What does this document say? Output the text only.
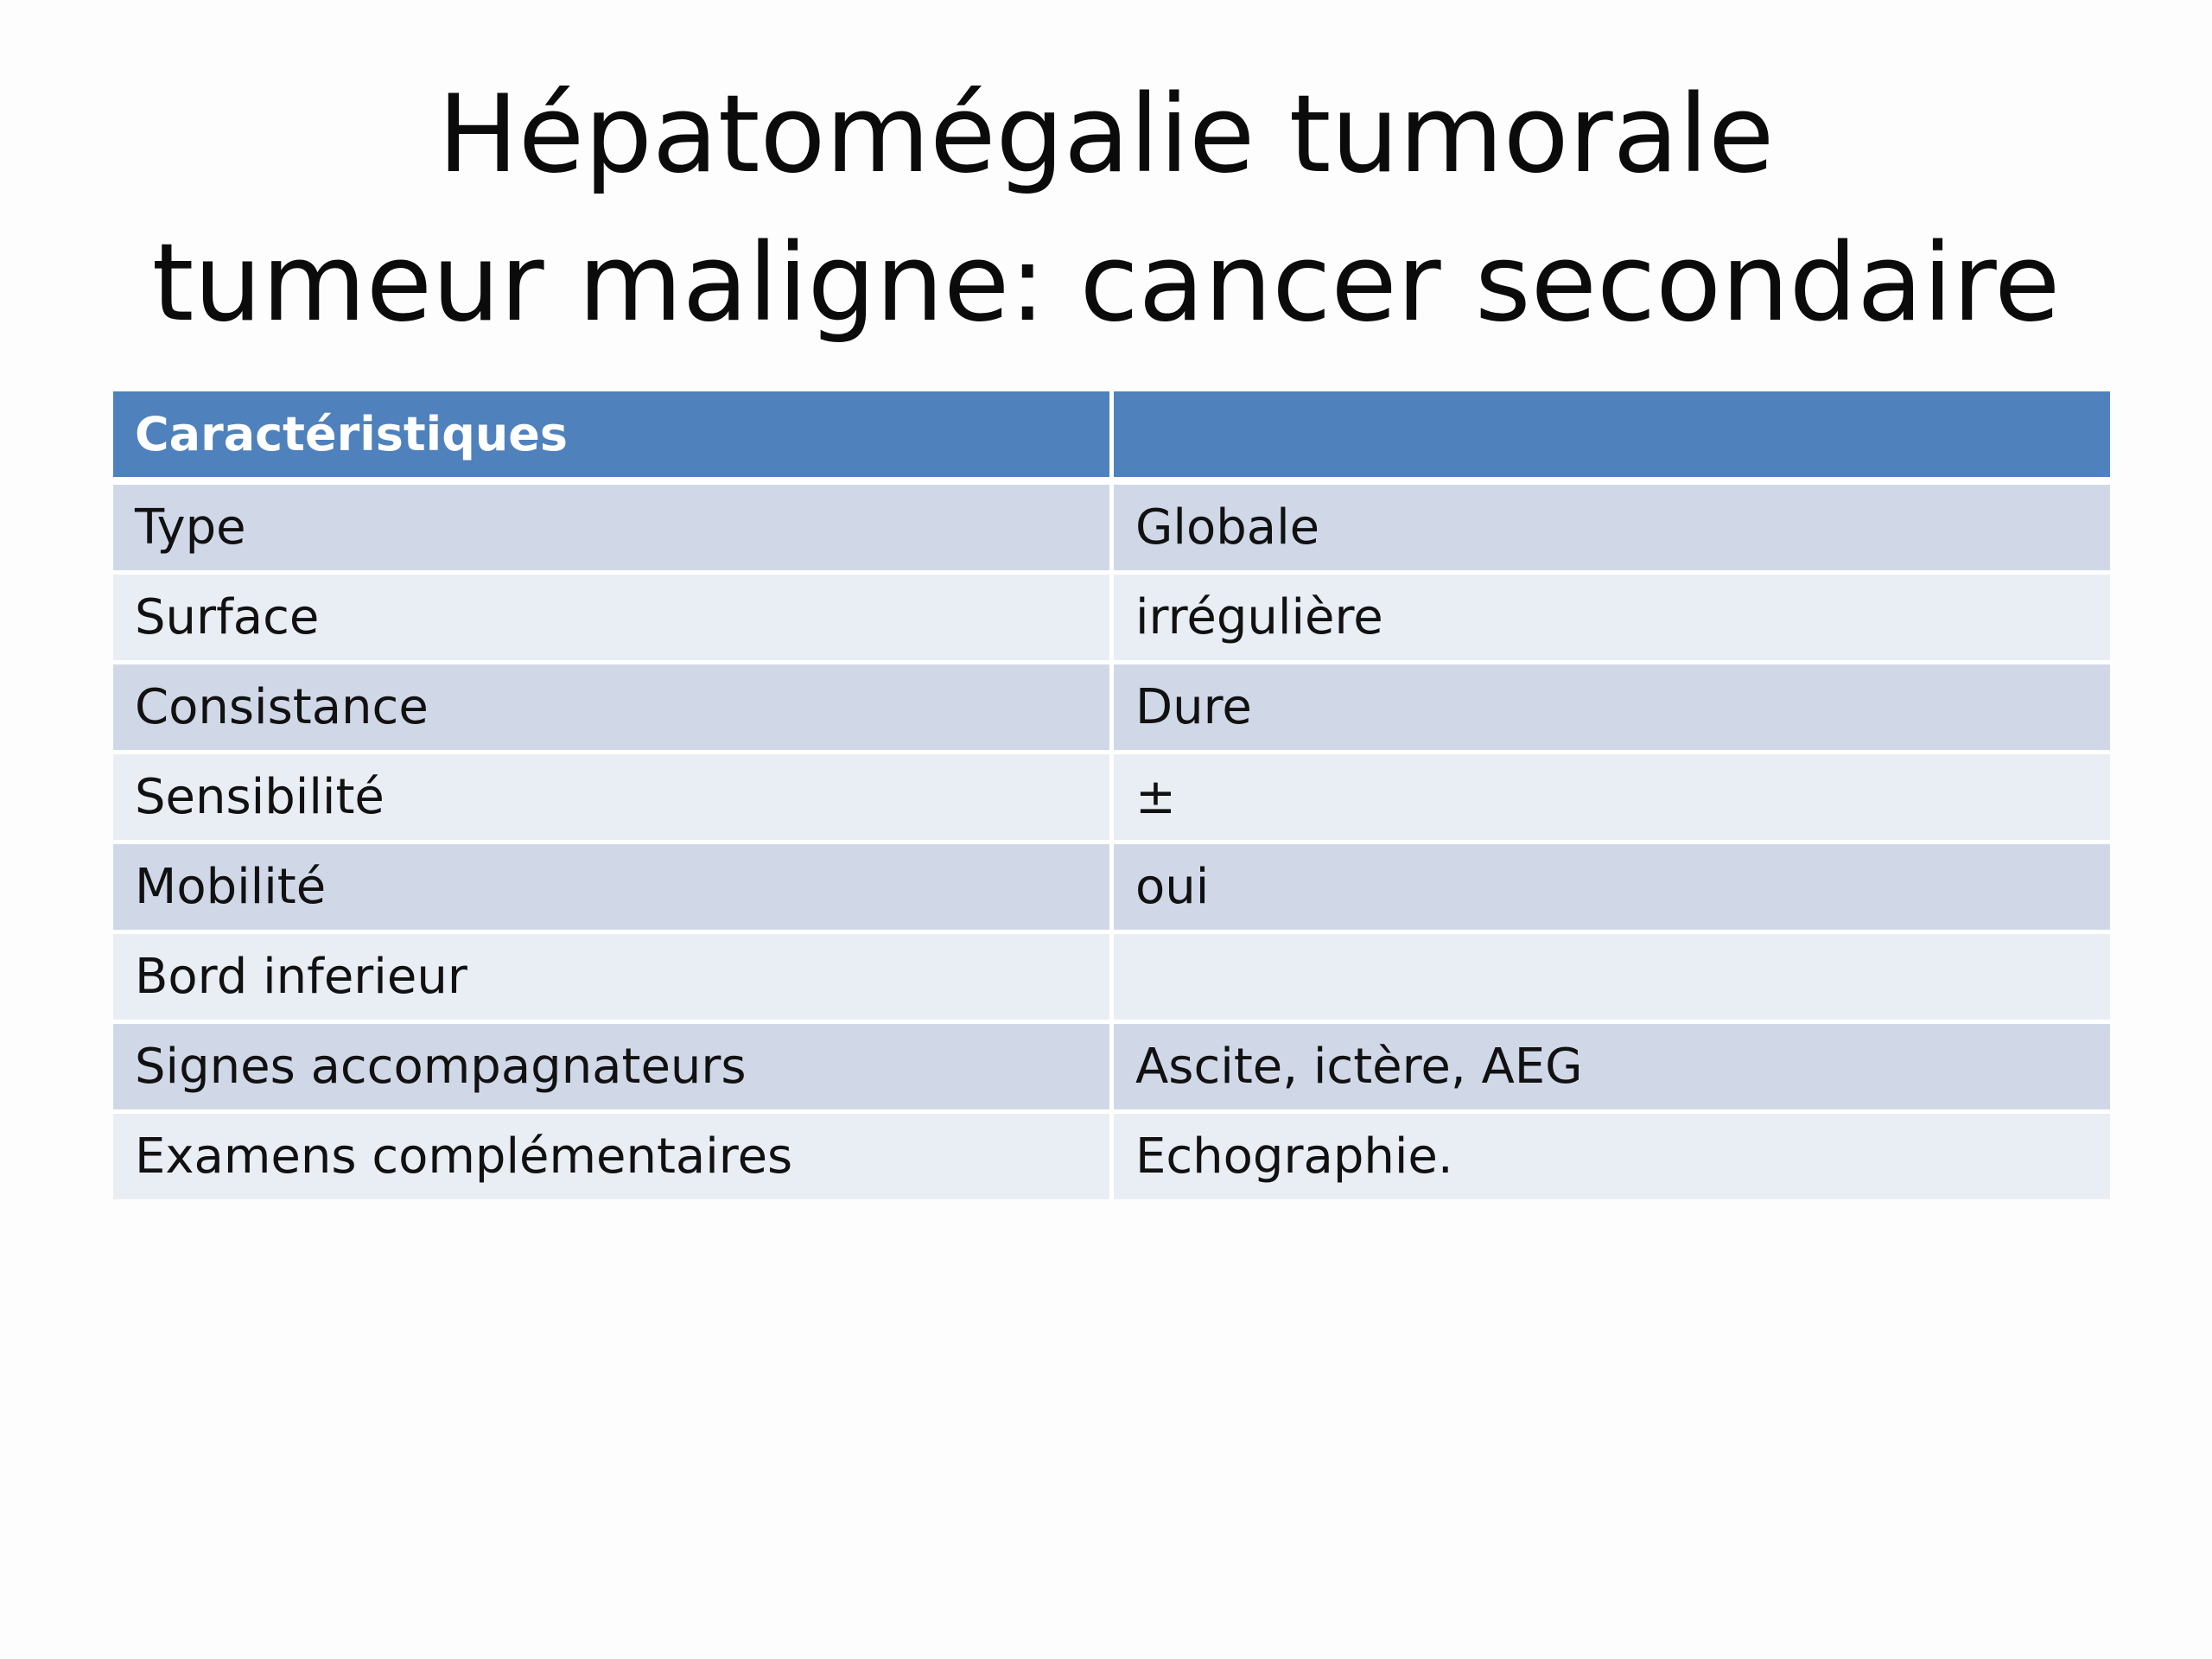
Hépatomégalie tumorale
tumeur maligne: cancer secondaire
Caractéristiques
Type	Globale
Surface	irrégulière
Consistance	Dure
Sensibilité	±
Mobilité	oui
Bord inferieur
Signes accompagnateurs	Ascite, ictère, AEG
Examens complémentaires	Echographie.
